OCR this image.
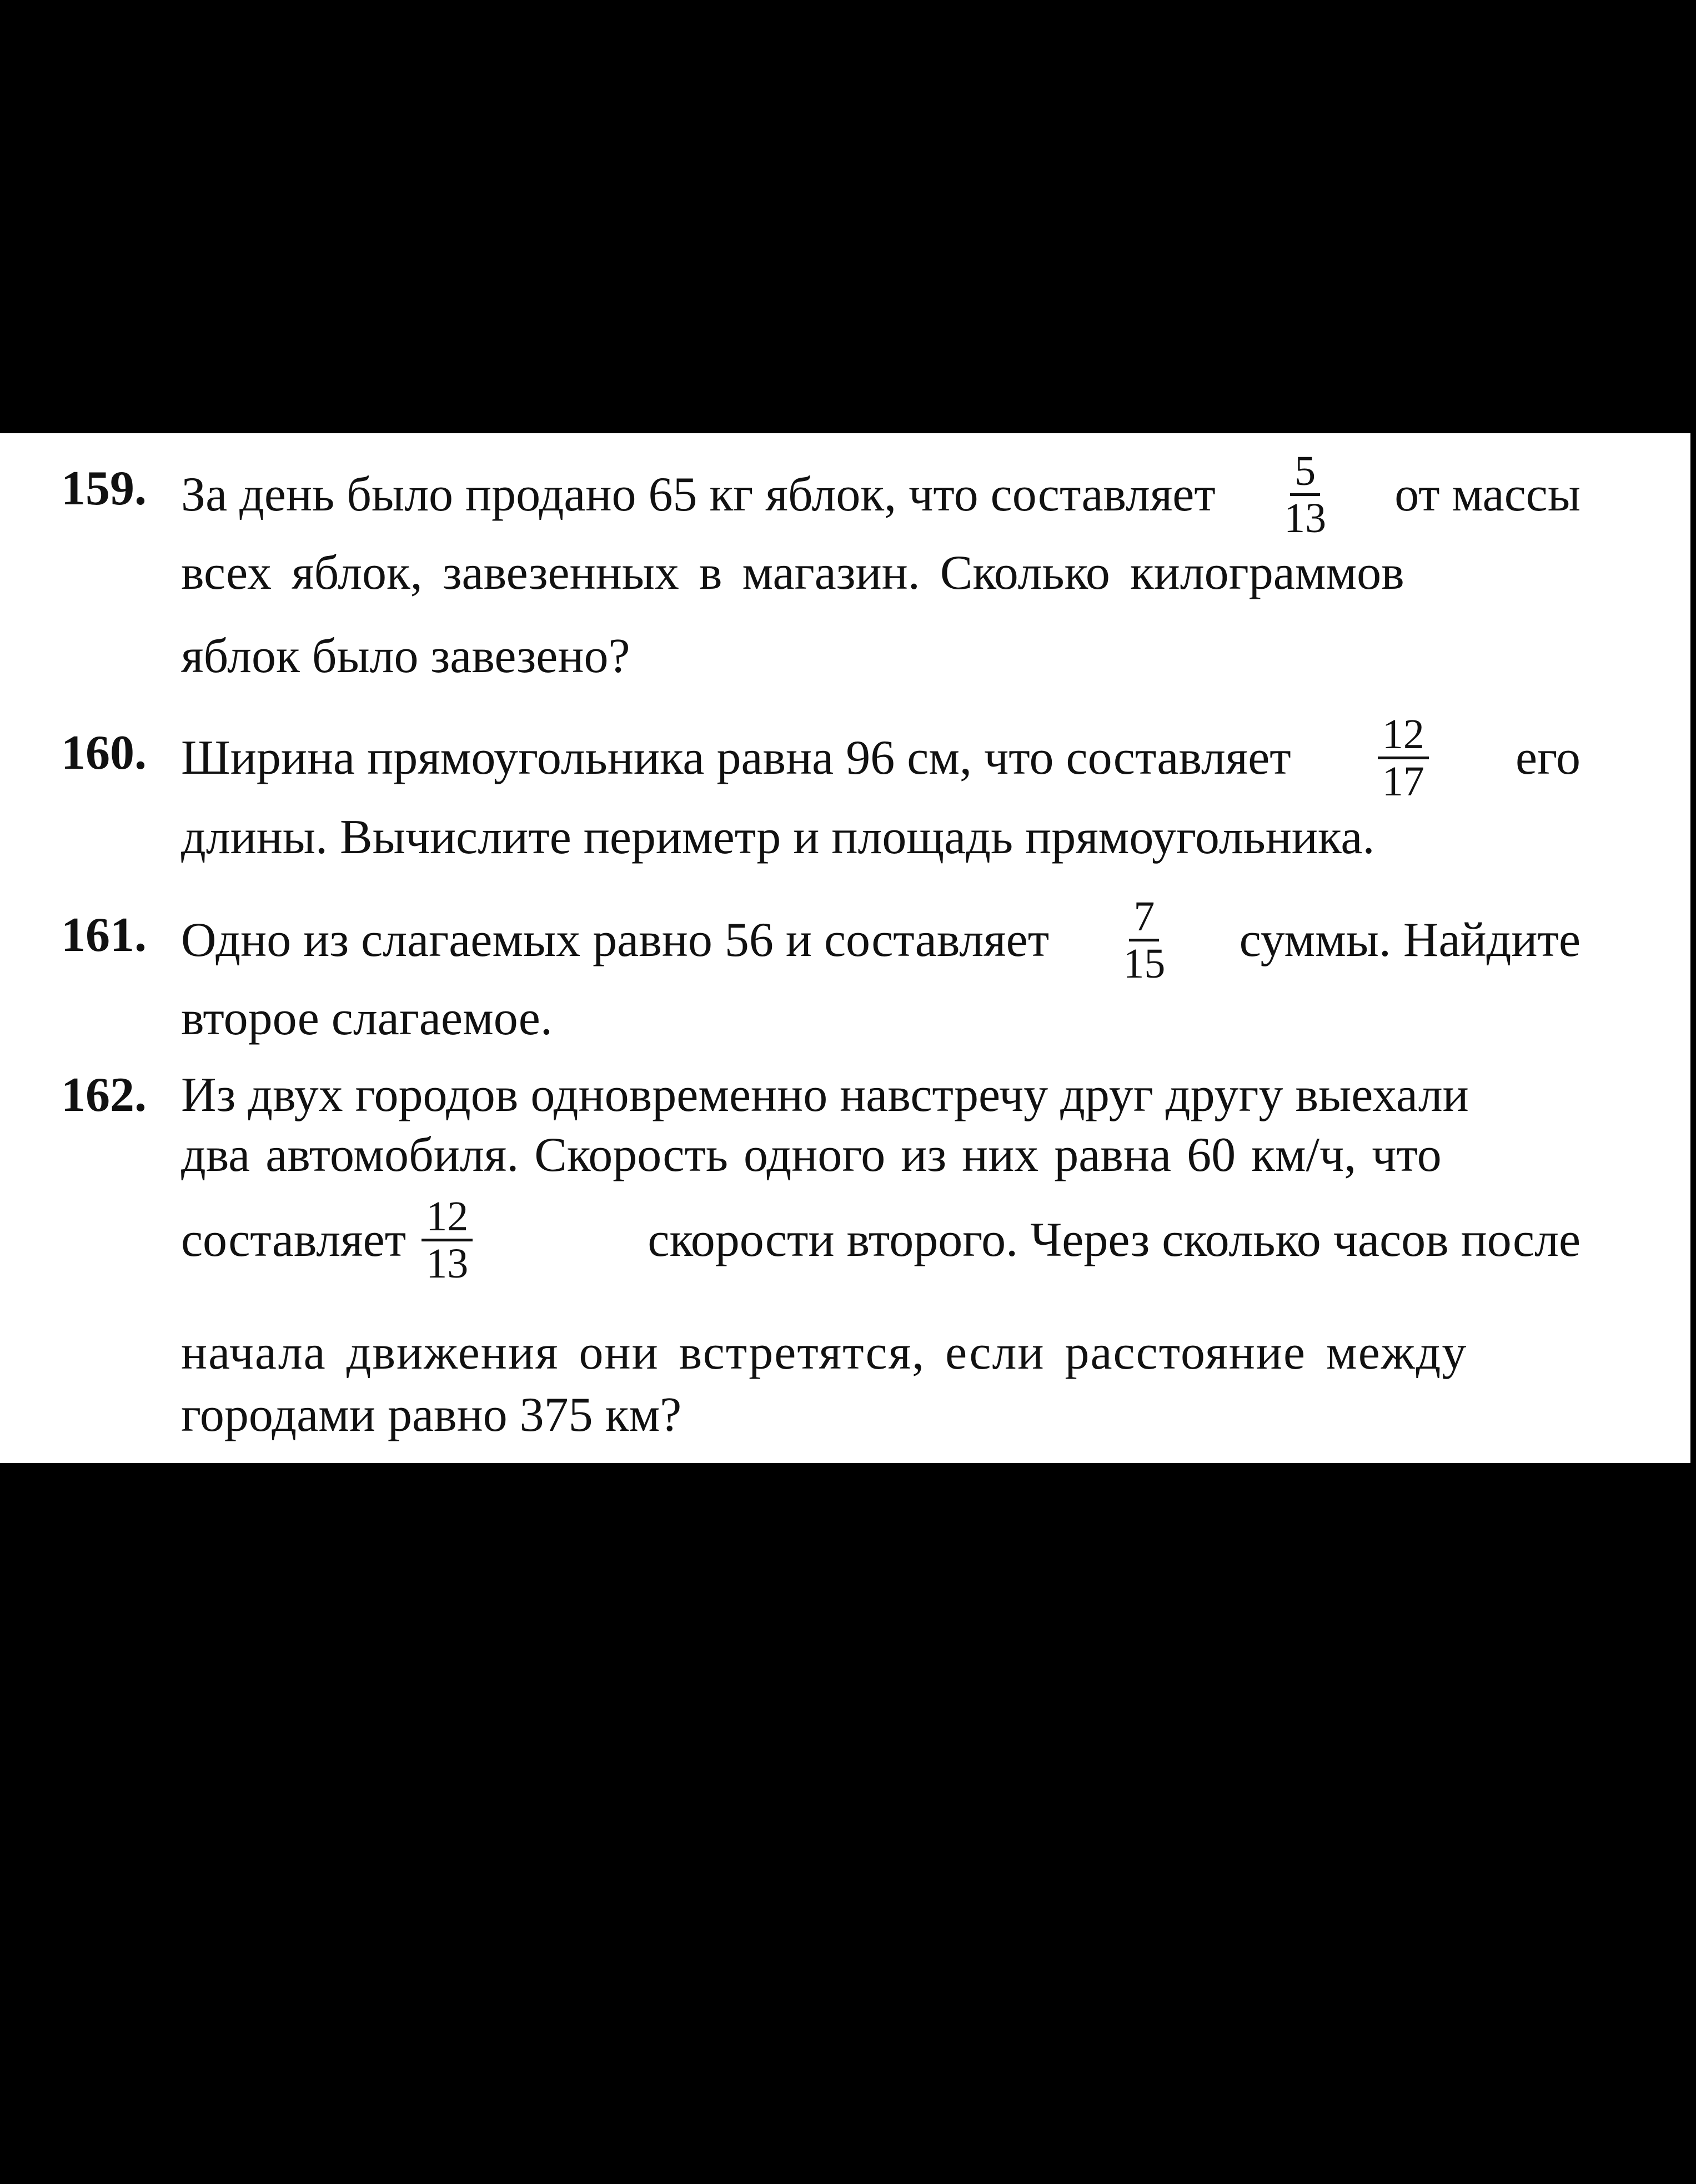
159. За день было продано 65 кг яблок, что составляет $\frac{5}{13}$ от массы
всех яблок, завезенных в магазин. Сколько килограммов
яблок было завезено?
160. Ширина прямоугольника равна 96 см, что составляет $\frac{12}{17}$ его
длины. Вычислите периметр и площадь прямоугольника.
161. Одно из слагаемых равно 56 и составляет $\frac{7}{15}$ суммы. Найдите
второе слагаемое.
162. Из двух городов одновременно навстречу друг другу выехали
два автомобиля. Скорость одного из них равна 60 км/ч, что
составляет $\frac{12}{13}$	скорости второго. Через сколько часов после
начала движения они встретятся, если расстояние между
городами равно 375 км?
